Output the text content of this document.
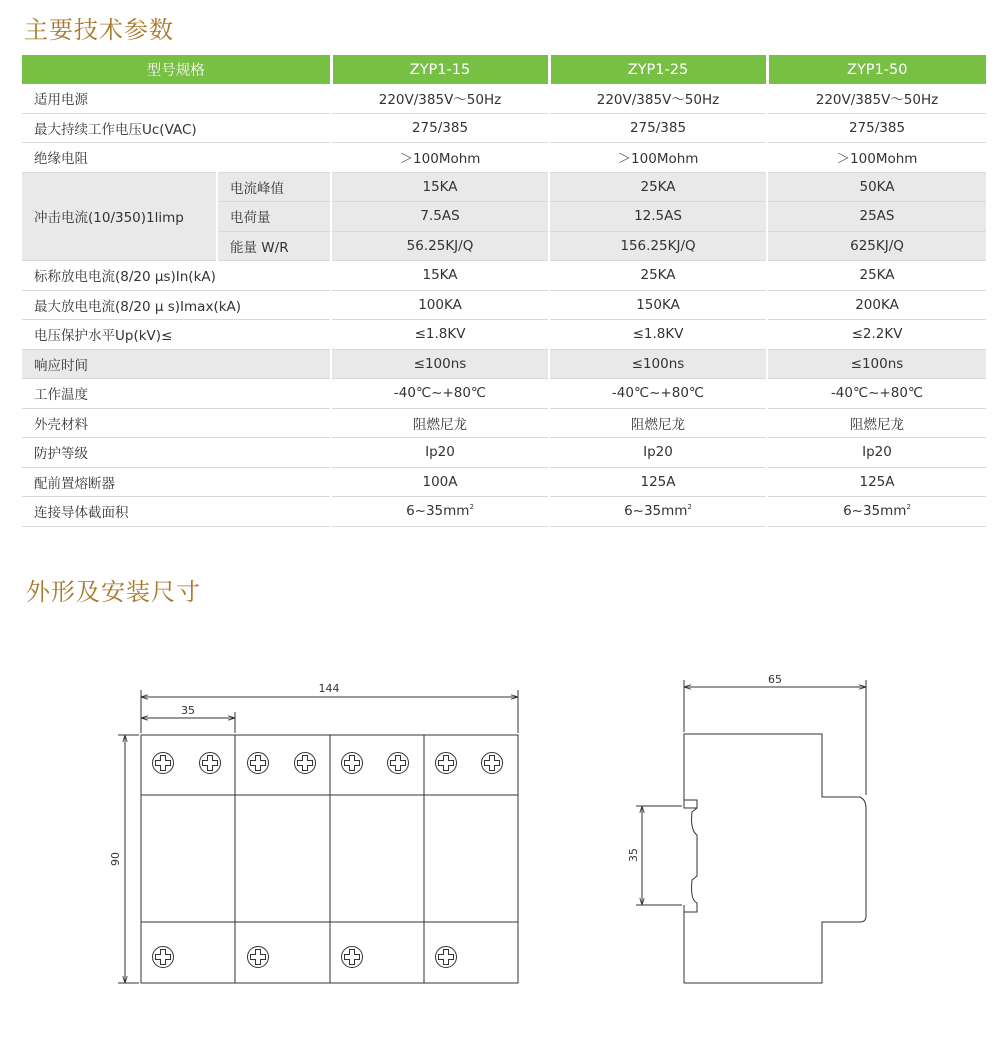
主要技术参数
型号规格		ZYP1-15	ZYP1-25	ZYP1-50
适用电源		220V/385V～50Hz	220V/385V～50Hz	220V/385V～50Hz
最大持续工作电压Uc(VAC)		275/385	275/385	275/385
绝缘电阻		＞100Mohm	＞100Mohm	＞100Mohm
冲击电流(10/350)1limp	电流峰值	15KA	25KA	50KA
	电荷量	7.5AS	12.5AS	25AS
	能量 W/R	56.25KJ/Q	156.25KJ/Q	625KJ/Q
标称放电电流(8/20 μs)In(kA)		15KA	25KA	25KA
最大放电电流(8/20 μ s)Imax(kA)		100KA	150KA	200KA
电压保护水平Up(kV)≤		≤1.8KV	≤1.8KV	≤2.2KV
响应时间		≤100ns	≤100ns	≤100ns
工作温度		-40℃~+80℃	-40℃~+80℃	-40℃~+80℃
外壳材料		阻燃尼龙	阻燃尼龙	阻燃尼龙
防护等级		Ip20	Ip20	Ip20
配前置熔断器		100A	125A	125A
连接导体截面积		$6\sim 35mm^2$	$6\sim 35mm^2$	$6\sim 35mm^2$
外形及安装尺寸
144
35
90
65
35
